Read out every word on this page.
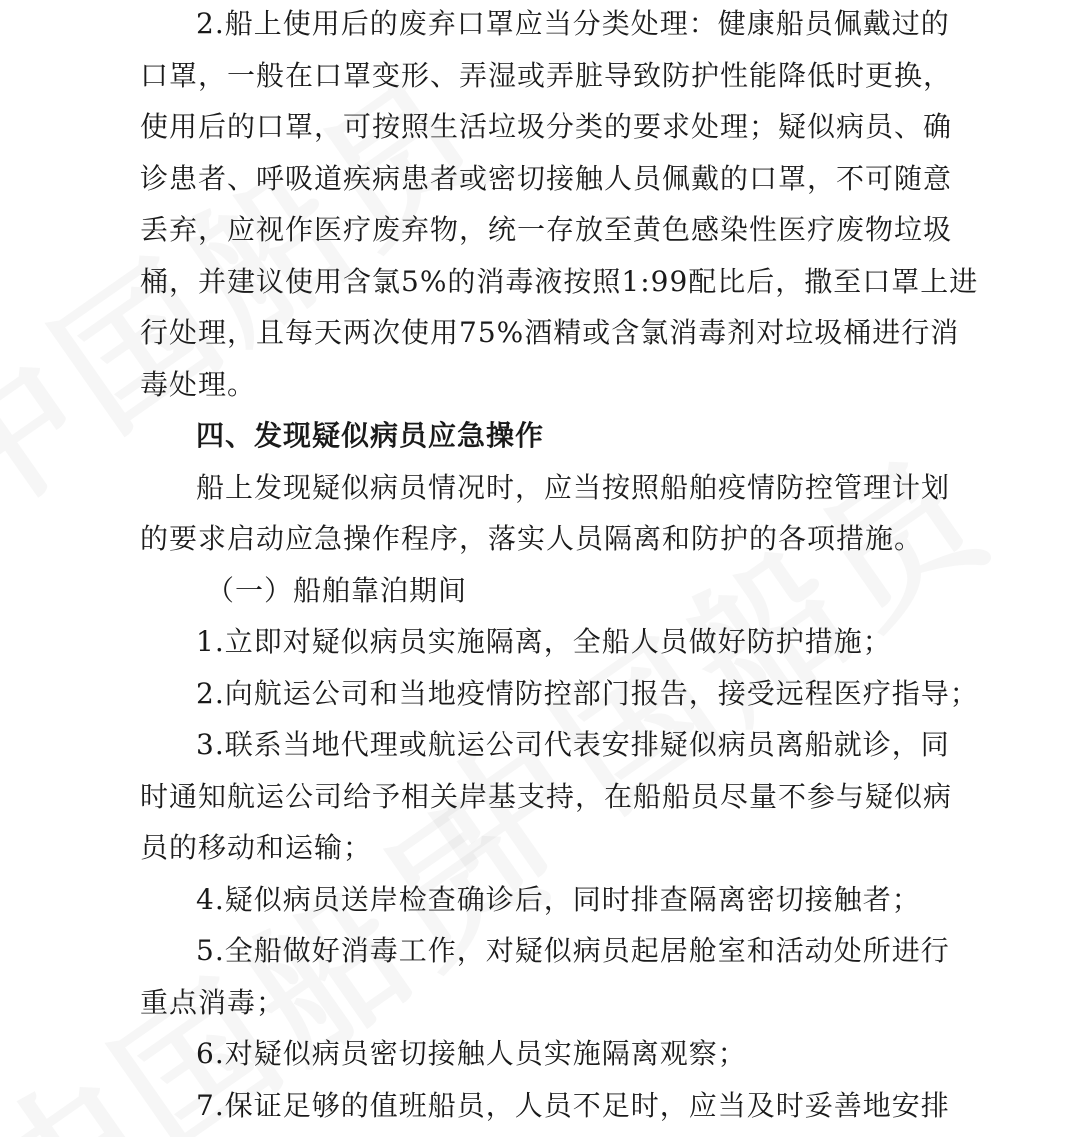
2.船上使用后的废弃口罩应当分类处理：健康船员佩戴过的
口罩，一般在口罩变形、弄湿或弄脏导致防护性能降低时更换，
使用后的口罩，可按照生活垃圾分类的要求处理；疑似病员、确
诊患者、呼吸道疾病患者或密切接触人员佩戴的口罩，不可随意
丢弃，应视作医疗废弃物，统一存放至黄色感染性医疗废物垃圾
桶，并建议使用含氯5%的消毒液按照1:99配比后，撒至口罩上进
行处理，且每天两次使用75%酒精或含氯消毒剂对垃圾桶进行消
毒处理。
四、发现疑似病员应急操作
船上发现疑似病员情况时，应当按照船舶疫情防控管理计划
的要求启动应急操作程序，落实人员隔离和防护的各项措施。
（一）船舶靠泊期间
1.立即对疑似病员实施隔离，全船人员做好防护措施；
2.向航运公司和当地疫情防控部门报告，接受远程医疗指导；
3.联系当地代理或航运公司代表安排疑似病员离船就诊，同
时通知航运公司给予相关岸基支持，在船船员尽量不参与疑似病
员的移动和运输；
4.疑似病员送岸检查确诊后，同时排查隔离密切接触者；
5.全船做好消毒工作，对疑似病员起居舱室和活动处所进行
重点消毒；
6.对疑似病员密切接触人员实施隔离观察；
7.保证足够的值班船员，人员不足时，应当及时妥善地安排
